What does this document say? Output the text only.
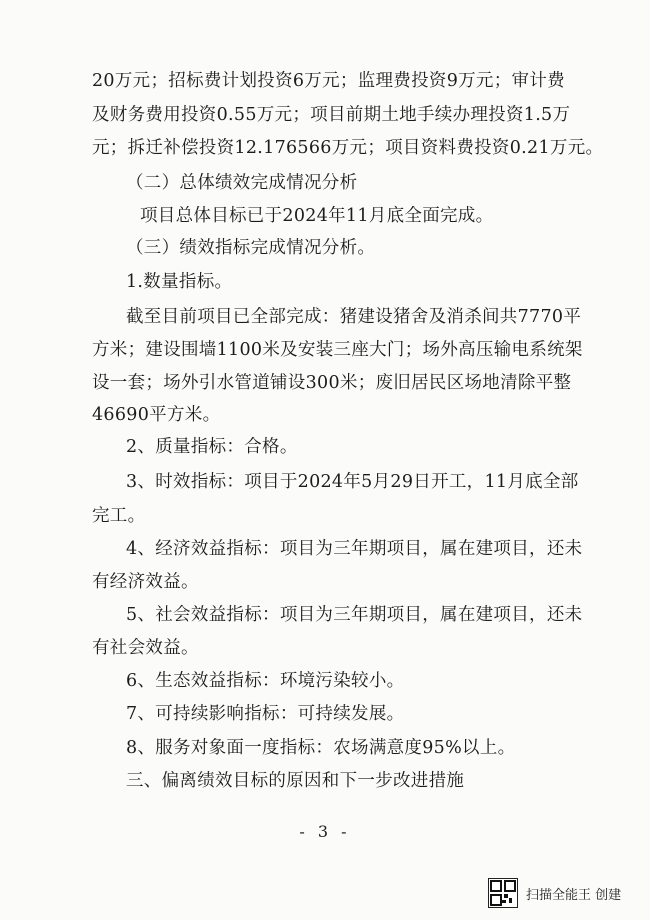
20万元；招标费计划投资6万元；监理费投资9万元；审计费
及财务费用投资0.55万元；项目前期土地手续办理投资1.5万
元；拆迁补偿投资12.176566万元；项目资料费投资0.21万元。
（二）总体绩效完成情况分析
项目总体目标已于2024年11月底全面完成。
（三）绩效指标完成情况分析。
1.数量指标。
截至目前项目已全部完成：猪建设猪舍及消杀间共7770平
方米；建设围墙1100米及安装三座大门；场外高压输电系统架
设一套；场外引水管道铺设300米；废旧居民区场地清除平整
46690平方米。
2、质量指标：合格。
3、时效指标：项目于2024年5月29日开工，11月底全部
完工。
4、经济效益指标：项目为三年期项目，属在建项目，还未
有经济效益。
5、社会效益指标：项目为三年期项目，属在建项目，还未
有社会效益。
6、生态效益指标：环境污染较小。
7、可持续影响指标：可持续发展。
8、服务对象面一度指标：农场满意度95%以上。
三、偏离绩效目标的原因和下一步改进措施
- 3 -
扫描全能王 创建
